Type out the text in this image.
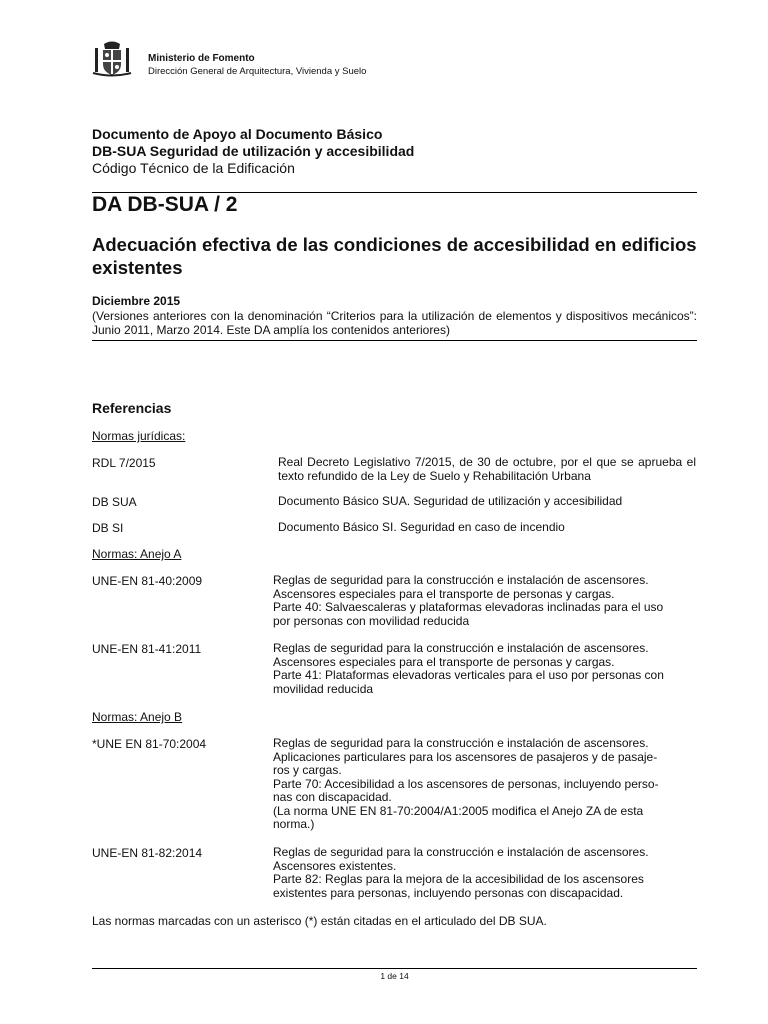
Ministerio de Fomento
Dirección General de Arquitectura, Vivienda y Suelo
Documento de Apoyo al Documento Básico
DB-SUA Seguridad de utilización y accesibilidad
Código Técnico de la Edificación
DA DB-SUA / 2
Adecuación efectiva de las condiciones de accesibilidad en edificios existentes
Diciembre 2015
(Versiones anteriores con la denominación “Criterios para la utilización de elementos y dispositivos mecánicos”: Junio 2011, Marzo 2014. Este DA amplía los contenidos anteriores)
Referencias
Normas jurídicas:
RDL 7/2015	Real Decreto Legislativo 7/2015, de 30 de octubre, por el que se aprueba el texto refundido de la Ley de Suelo y Rehabilitación Urbana
DB SUA	Documento Básico SUA. Seguridad de utilización y accesibilidad
DB SI	Documento Básico SI. Seguridad en caso de incendio
Normas: Anejo A
UNE-EN 81-40:2009	Reglas de seguridad para la construcción e instalación de ascensores.
Ascensores especiales para el transporte de personas y cargas.
Parte 40: Salvaescaleras y plataformas elevadoras inclinadas para el uso
por personas con movilidad reducida
UNE-EN 81-41:2011	Reglas de seguridad para la construcción e instalación de ascensores.
Ascensores especiales para el transporte de personas y cargas.
Parte 41: Plataformas elevadoras verticales para el uso por personas con
movilidad reducida
Normas: Anejo B
*UNE EN 81-70:2004	Reglas de seguridad para la construcción e instalación de ascensores.
Aplicaciones particulares para los ascensores de pasajeros y de pasaje-
ros y cargas.
Parte 70: Accesibilidad a los ascensores de personas, incluyendo perso-
nas con discapacidad.
(La norma UNE EN 81-70:2004/A1:2005 modifica el Anejo ZA de esta
norma.)
UNE-EN 81-82:2014	Reglas de seguridad para la construcción e instalación de ascensores.
Ascensores existentes.
Parte 82: Reglas para la mejora de la accesibilidad de los ascensores
existentes para personas, incluyendo personas con discapacidad.
Las normas marcadas con un asterisco (*) están citadas en el articulado del DB SUA.
1 de 14
